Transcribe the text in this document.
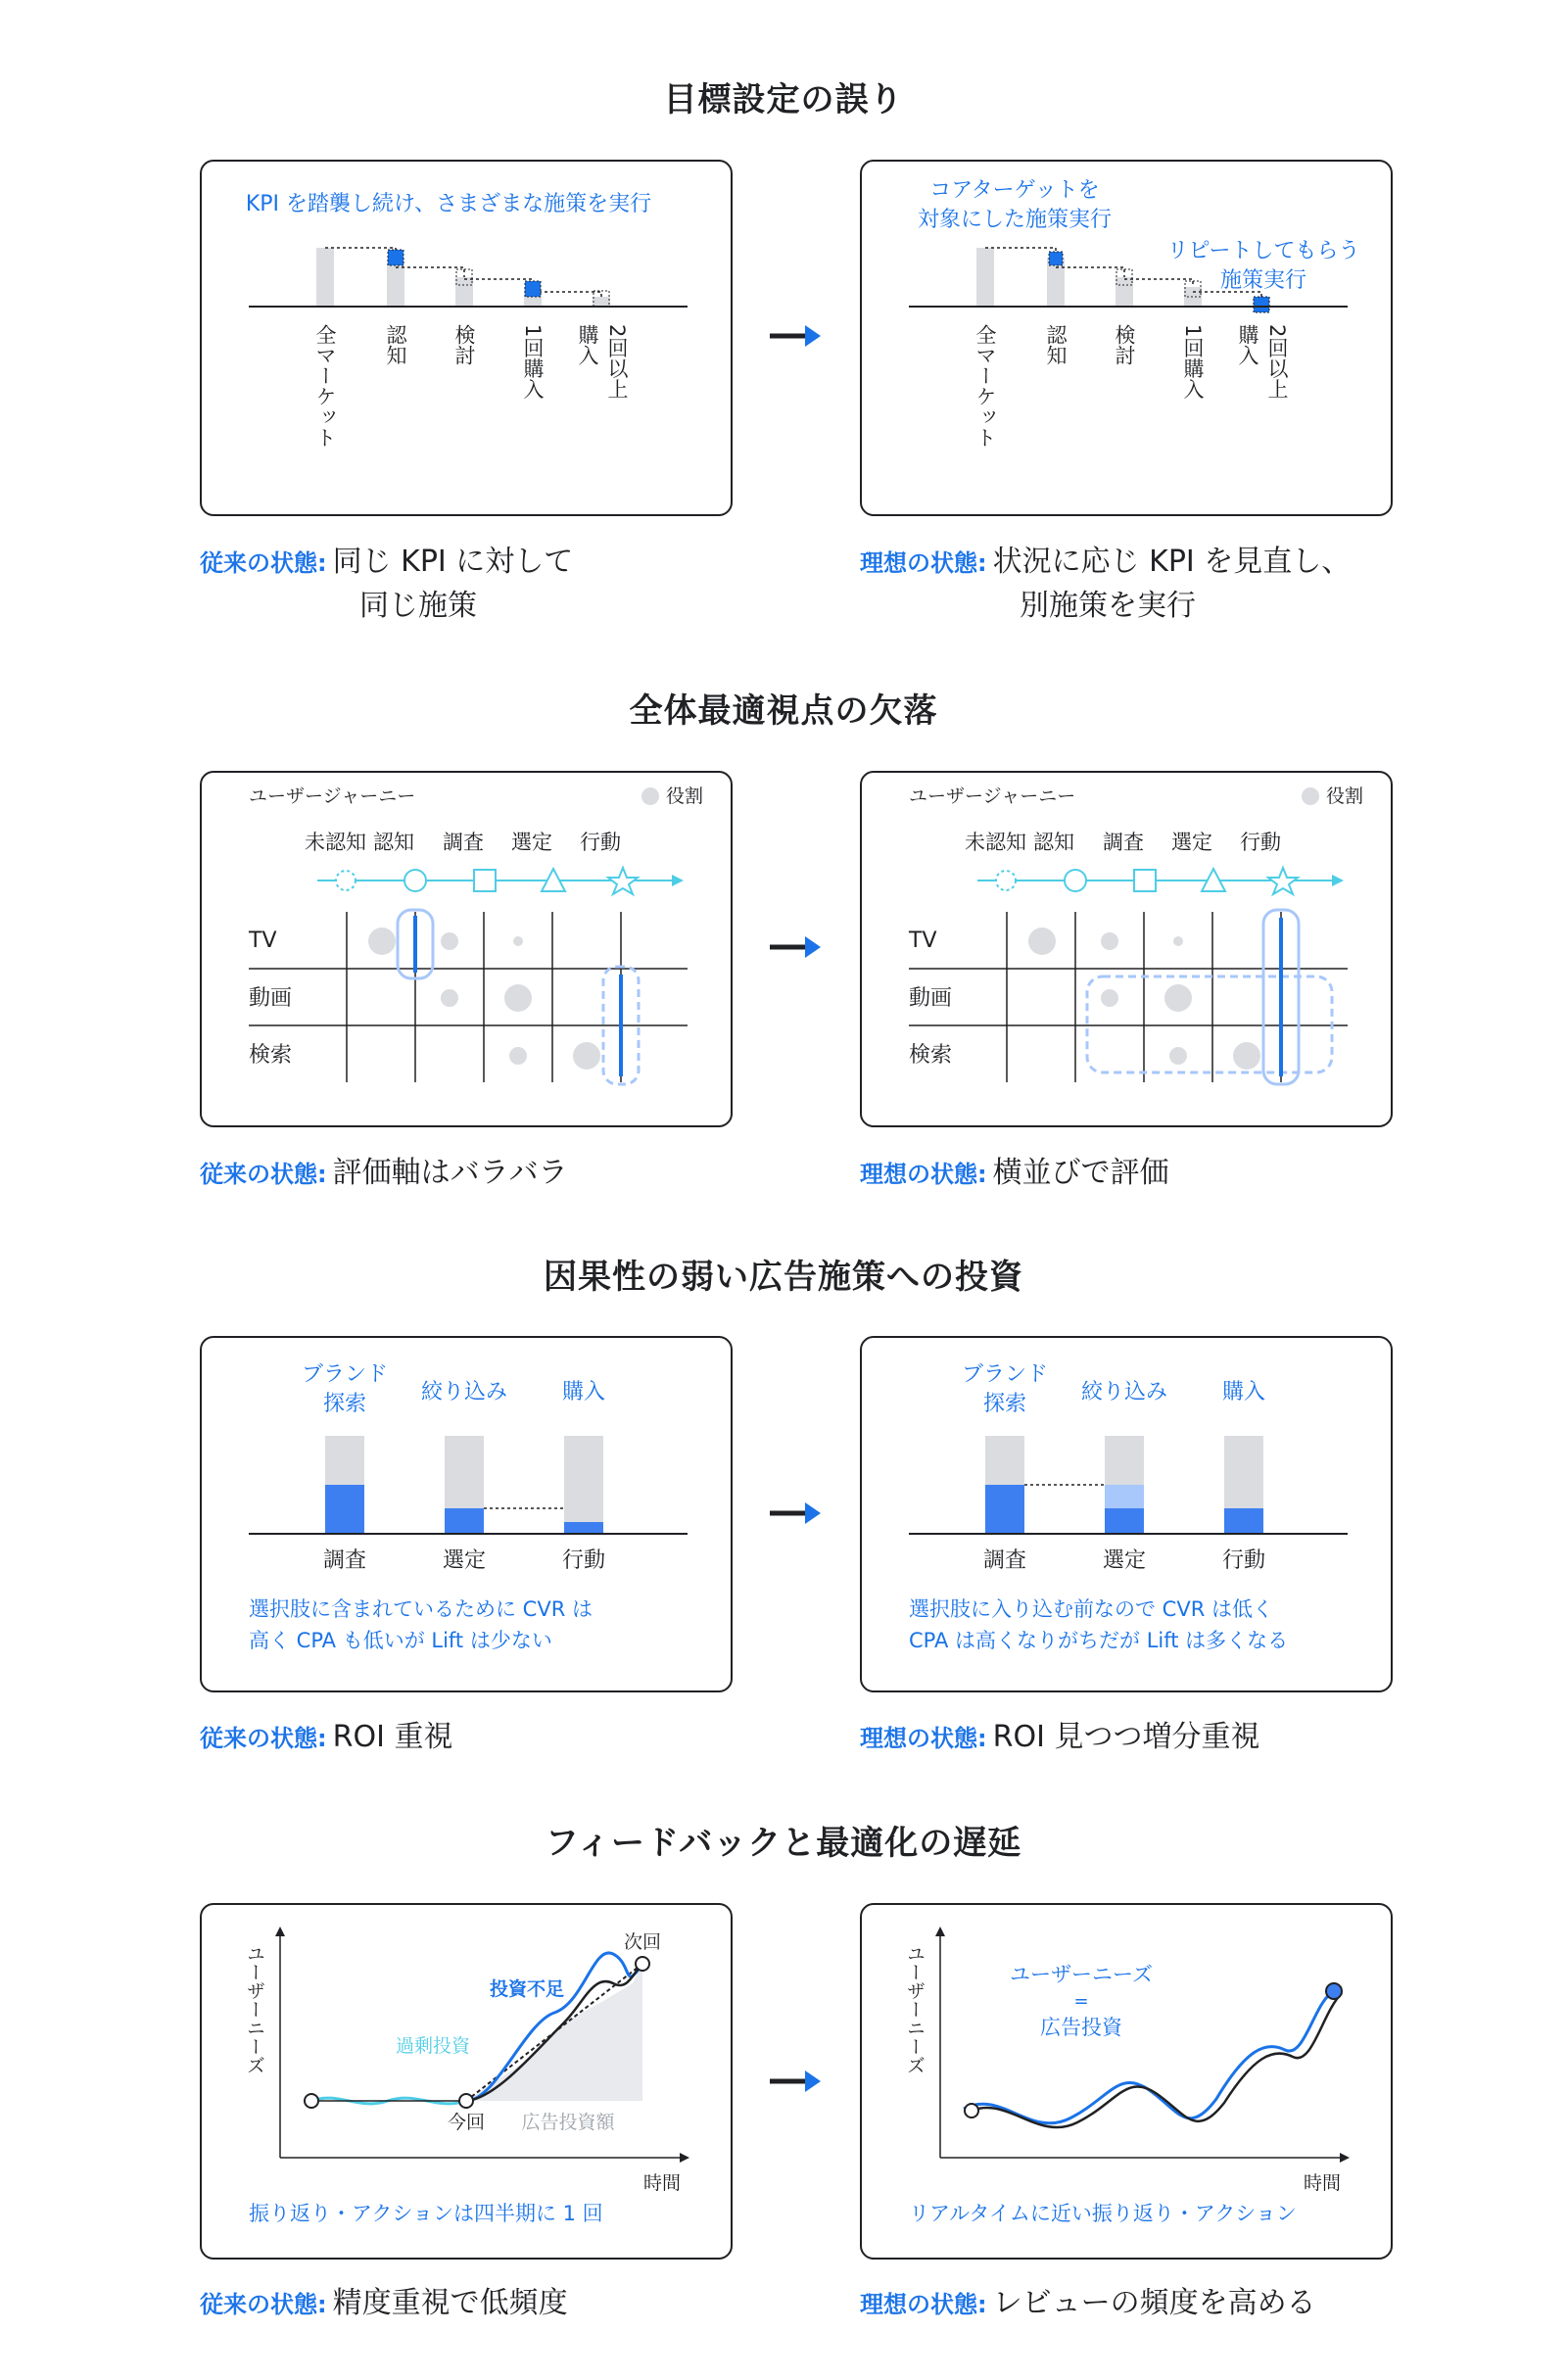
目標設定の誤り
KPI を踏襲し続け、さまざまな施策を実行
全マーケット 認知 検討 1回購入 購入 2回以上
コアターゲットを
対象にした施策実行
リピートしてもらう
施策実行
全マーケット 認知 検討 1回購入 購入 2回以上
従来の状態: 同じ KPI に対して
同じ施策
理想の状態: 状況に応じ KPI を見直し、
別施策を実行
全体最適視点の欠落
ユーザージャーニー	役割
未認知 認知 調査 選定 行動
TV
動画
検索
ユーザージャーニー	役割
未認知 認知 調査 選定 行動
TV
動画
検索
従来の状態: 評価軸はバラバラ	理想の状態: 横並びで評価
因果性の弱い広告施策への投資
ブランド
探索	絞り込み	購入
調査	選定	行動
選択肢に含まれているために CVR は
高く CPA も低いが Lift は少ない
ブランド
探索	絞り込み	購入
調査	選定	行動
選択肢に入り込む前なので CVR は低く
CPA は高くなりがちだが Lift は多くなる
従来の状態: ROI 重視	理想の状態: ROI 見つつ増分重視
フィードバックと最適化の遅延
ユーザーニーズ
時間
次回
今回
投資不足
過剰投資
広告投資額
振り返り・アクションは四半期に 1 回
ユーザーニーズ
時間
ユーザーニーズ
=
広告投資
リアルタイムに近い振り返り・アクション
従来の状態: 精度重視で低頻度	理想の状態: レビューの頻度を高める
